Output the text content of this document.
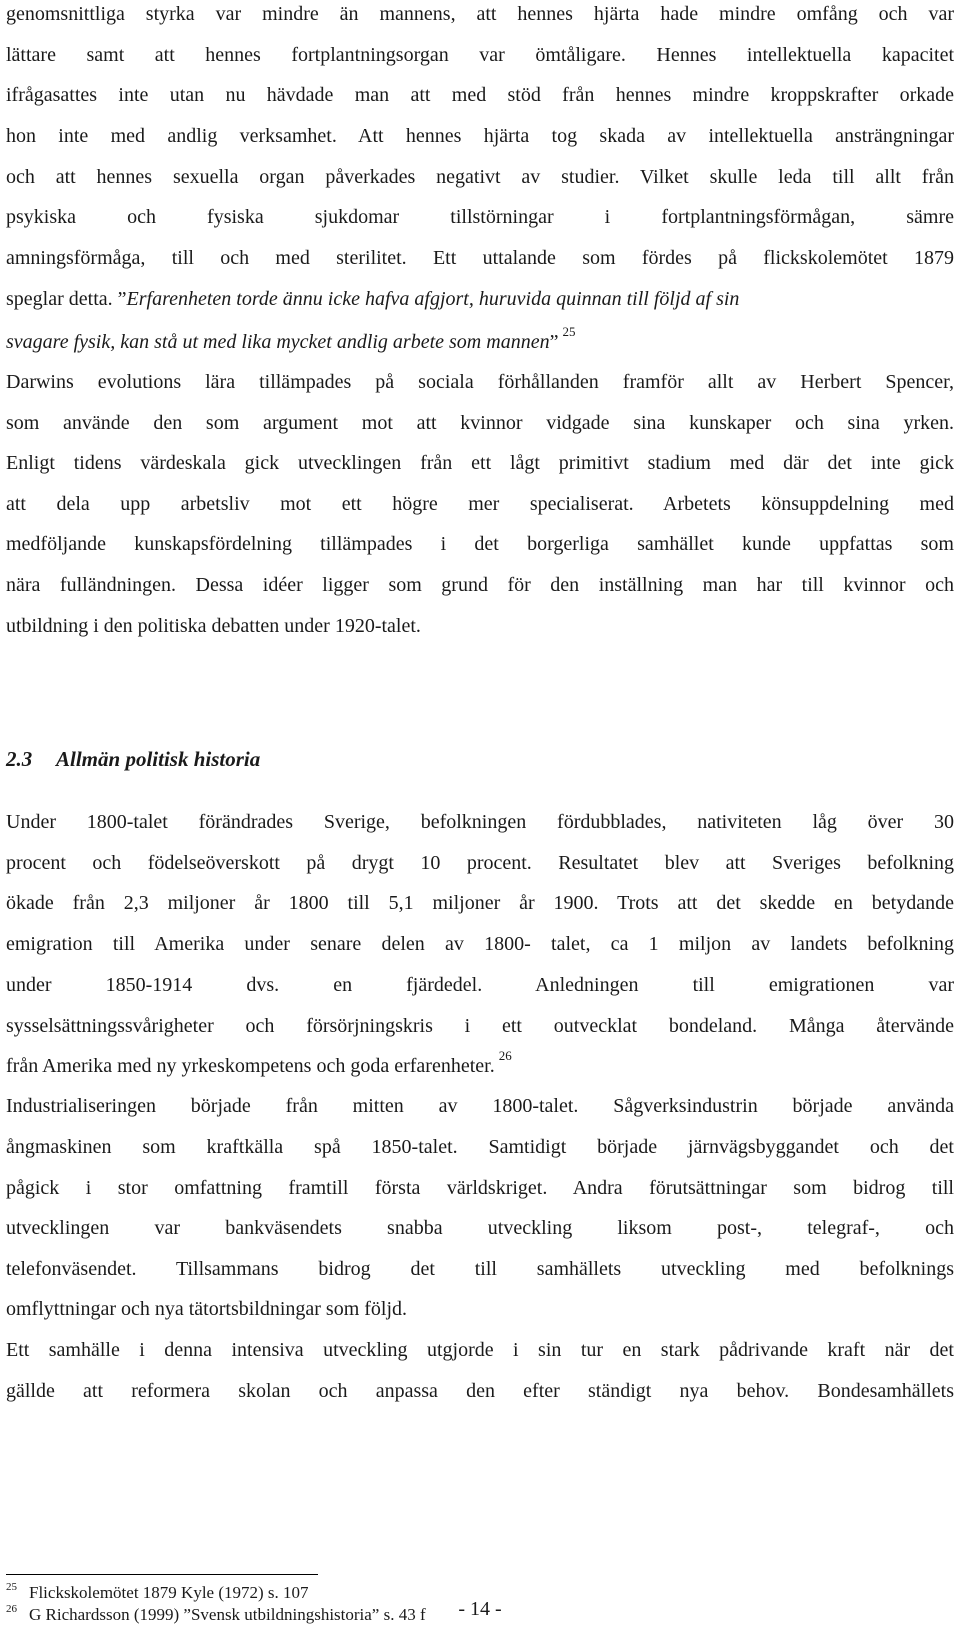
genomsnittliga styrka var mindre än mannens, att hennes hjärta hade mindre omfång och var
lättare samt att hennes fortplantningsorgan var ömtåligare. Hennes intellektuella kapacitet
ifrågasattes inte utan nu hävdade man att med stöd från hennes mindre kroppskrafter orkade
hon inte med andlig verksamhet. Att hennes hjärta tog skada av intellektuella ansträngningar
och att hennes sexuella organ påverkades negativt av studier. Vilket skulle leda till allt från
psykiska och fysiska sjukdomar tillstörningar i fortplantningsförmågan, sämre
amningsförmåga, till och med sterilitet. Ett uttalande som fördes på flickskolemötet 1879
speglar detta. ”Erfarenheten torde ännu icke hafva afgjort, huruvida quinnan till följd af sin
svagare fysik, kan stå ut med lika mycket andlig arbete som mannen” $^{25}$
Darwins evolutions lära tillämpades på sociala förhållanden framför allt av Herbert Spencer,
som använde den som argument mot att kvinnor vidgade sina kunskaper och sina yrken.
Enligt tidens värdeskala gick utvecklingen från ett lågt primitivt stadium med där det inte gick
att dela upp arbetsliv mot ett högre mer specialiserat. Arbetets könsuppdelning med
medföljande kunskapsfördelning tillämpades i det borgerliga samhället kunde uppfattas som
nära fulländningen. Dessa idéer ligger som grund för den inställning man har till kvinnor och
utbildning i den politiska debatten under 1920-talet.
2.3 Allmän politisk historia
Under 1800-talet förändrades Sverige, befolkningen fördubblades, nativiteten låg över 30
procent och födelseöverskott på drygt 10 procent. Resultatet blev att Sveriges befolkning
ökade från 2,3 miljoner år 1800 till 5,1 miljoner år 1900. Trots att det skedde en betydande
emigration till Amerika under senare delen av 1800- talet, ca 1 miljon av landets befolkning
under 1850-1914 dvs. en fjärdedel. Anledningen till emigrationen var
sysselsättningssvårigheter och försörjningskris i ett outvecklat bondeland. Många återvände
från Amerika med ny yrkeskompetens och goda erfarenheter. $^{26}$
Industrialiseringen började från mitten av 1800-talet. Sågverksindustrin började använda
ångmaskinen som kraftkälla spå 1850-talet. Samtidigt började järnvägsbyggandet och det
pågick i stor omfattning framtill första världskriget. Andra förutsättningar som bidrog till
utvecklingen var bankväsendets snabba utveckling liksom post-, telegraf-, och
telefonväsendet. Tillsammans bidrog det till samhällets utveckling med befolknings
omflyttningar och nya tätortsbildningar som följd.
Ett samhälle i denna intensiva utveckling utgjorde i sin tur en stark pådrivande kraft när det
gällde att reformera skolan och anpassa den efter ständigt nya behov. Bondesamhällets
$^{25}$ Flickskolemötet 1879 Kyle (1972) s. 107
$^{26}$ G Richardsson (1999) ”Svensk utbildningshistoria” s. 43 f	- 14 -
